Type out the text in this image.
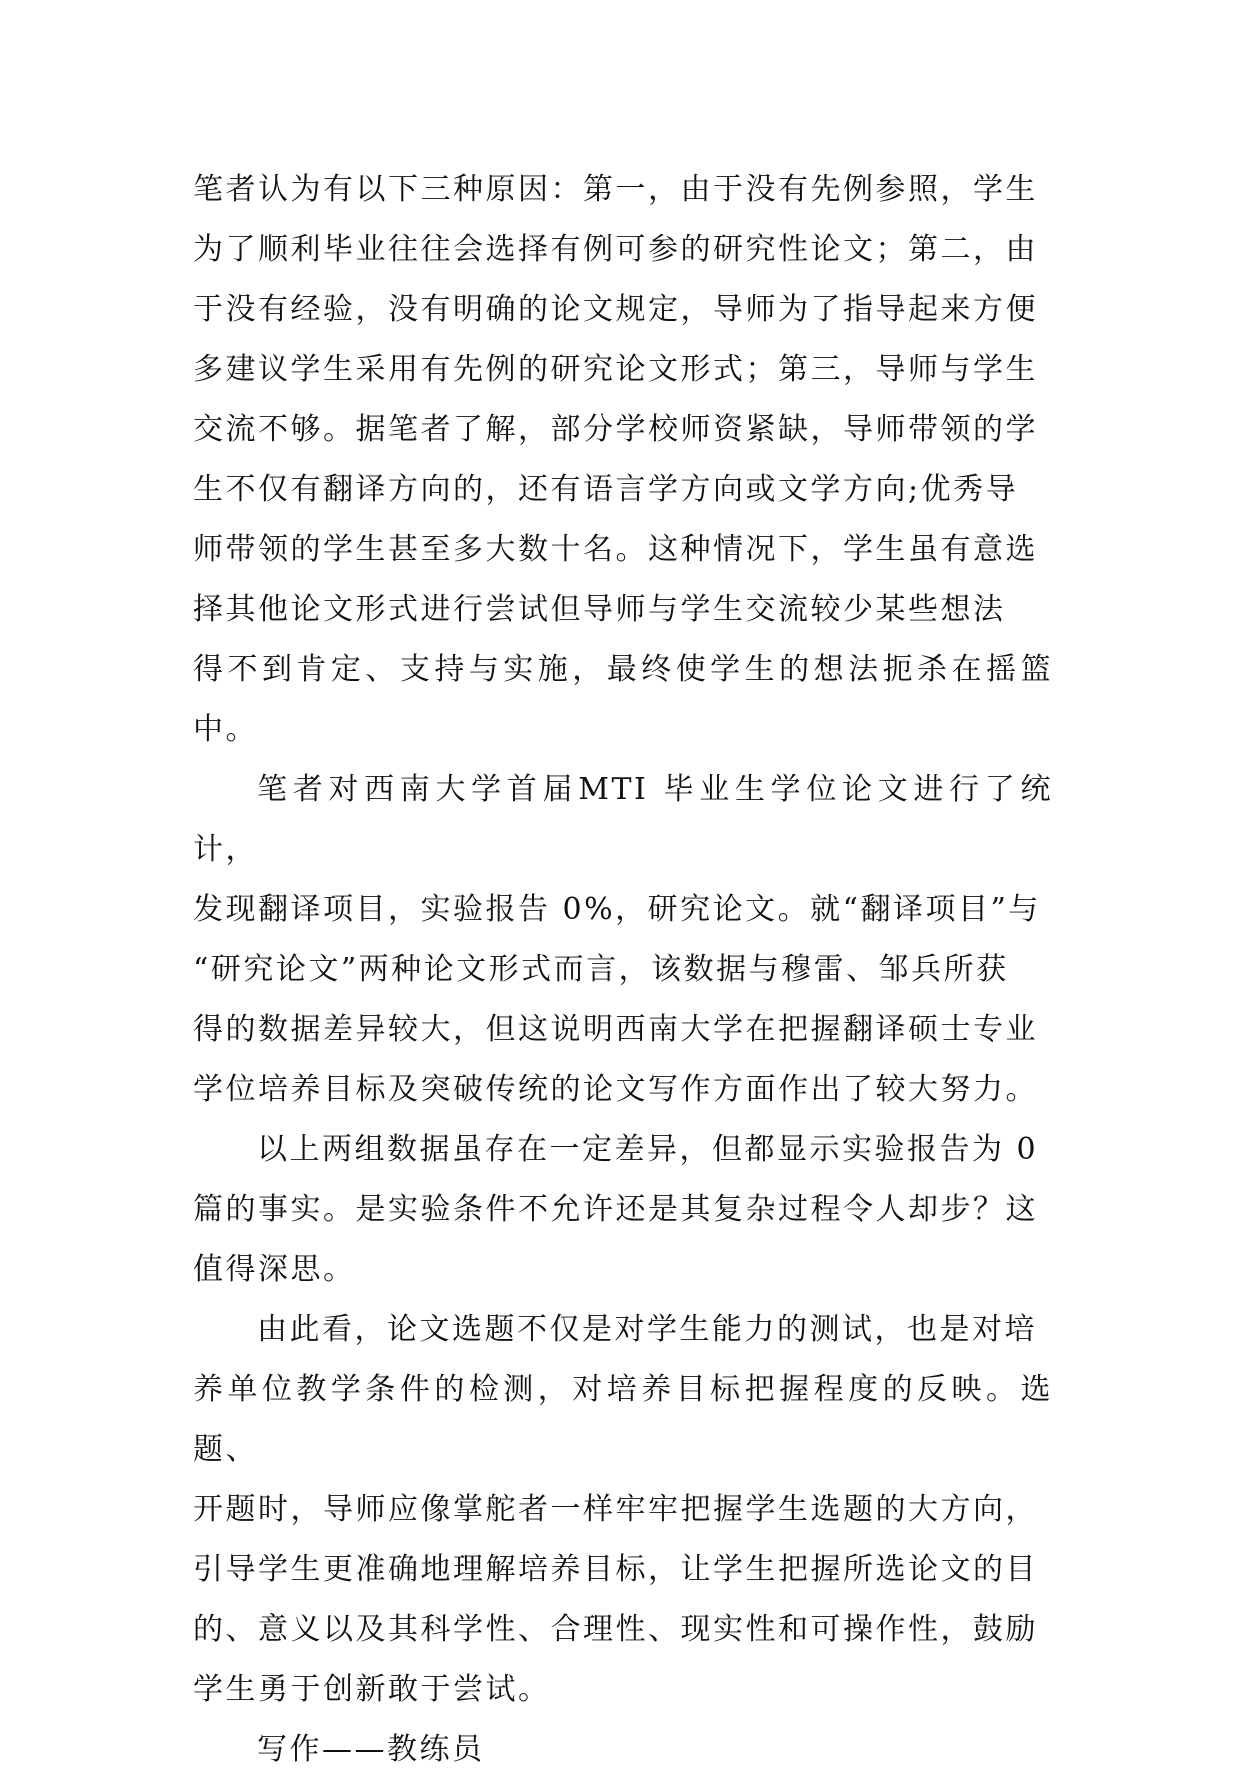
笔者认为有以下三种原因：第一，由于没有先例参照，学生
为了顺利毕业往往会选择有例可参的研究性论文；第二，由
于没有经验，没有明确的论文规定，导师为了指导起来方便
多建议学生采用有先例的研究论文形式；第三，导师与学生
交流不够。据笔者了解，部分学校师资紧缺，导师带领的学
生不仅有翻译方向的，还有语言学方向或文学方向;优秀导
师带领的学生甚至多大数十名。这种情况下，学生虽有意选
择其他论文形式进行尝试但导师与学生交流较少某些想法
得不到肯定、支持与实施，最终使学生的想法扼杀在摇篮中。

笔者对西南大学首届MTI 毕业生学位论文进行了统计，
发现翻译项目，实验报告 0%，研究论文。就“翻译项目”与
“研究论文”两种论文形式而言，该数据与穆雷、邹兵所获
得的数据差异较大，但这说明西南大学在把握翻译硕士专业
学位培养目标及突破传统的论文写作方面作出了较大努力。

以上两组数据虽存在一定差异，但都显示实验报告为 0
篇的事实。是实验条件不允许还是其复杂过程令人却步？这
值得深思。

由此看，论文选题不仅是对学生能力的测试，也是对培
养单位教学条件的检测，对培养目标把握程度的反映。选题、
开题时，导师应像掌舵者一样牢牢把握学生选题的大方向，
引导学生更准确地理解培养目标，让学生把握所选论文的目
的、意义以及其科学性、合理性、现实性和可操作性，鼓励
学生勇于创新敢于尝试。

写作——教练员
